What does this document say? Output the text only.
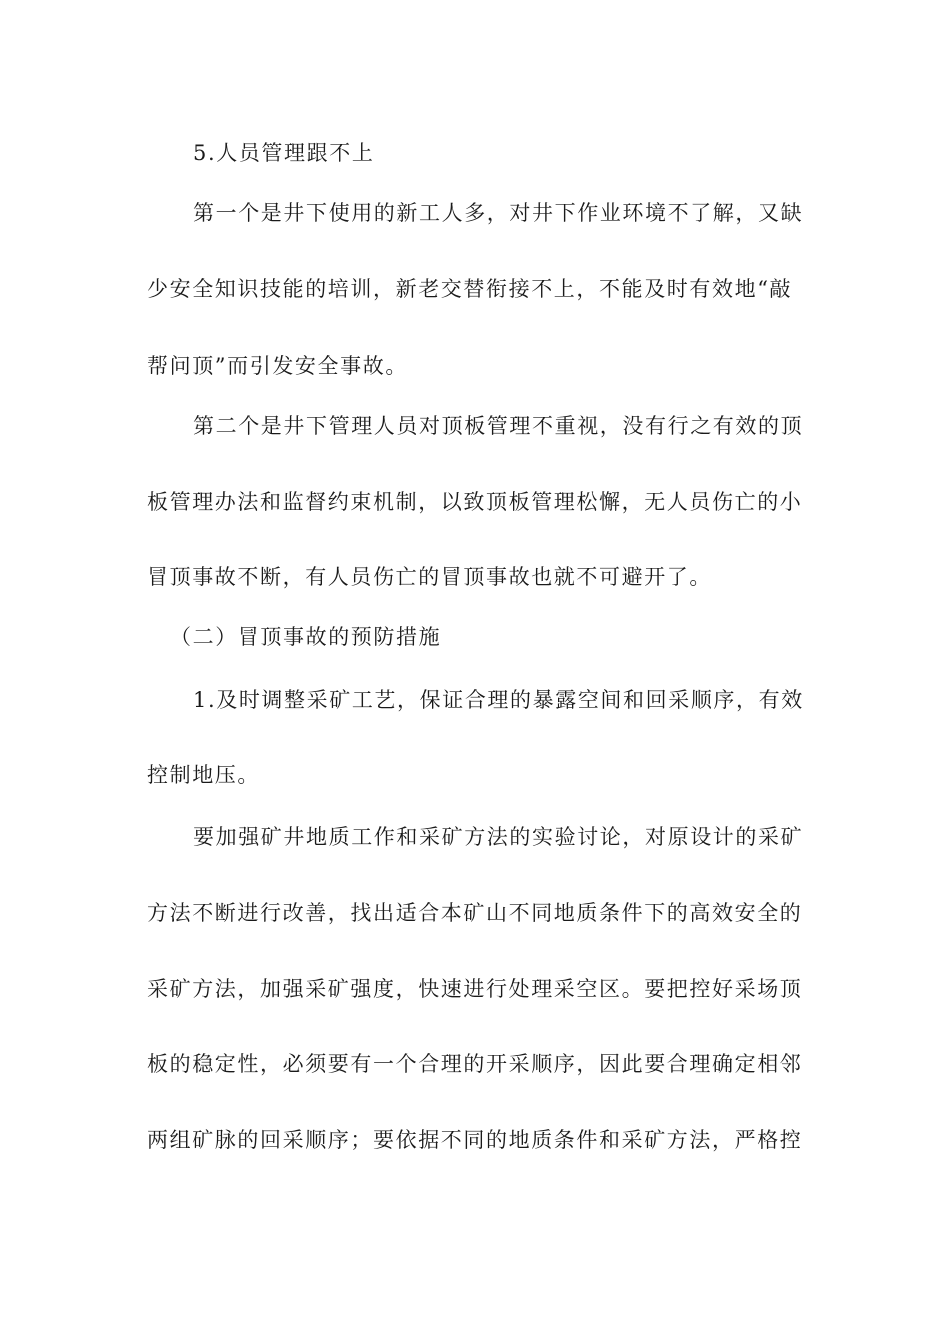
5.人员管理跟不上
第一个是井下使用的新工人多，对井下作业环境不了解，又缺
少安全知识技能的培训，新老交替衔接不上，不能及时有效地“敲
帮问顶”而引发安全事故。
第二个是井下管理人员对顶板管理不重视，没有行之有效的顶
板管理办法和监督约束机制，以致顶板管理松懈，无人员伤亡的小
冒顶事故不断，有人员伤亡的冒顶事故也就不可避开了。
（二）冒顶事故的预防措施
1.及时调整采矿工艺，保证合理的暴露空间和回采顺序，有效
控制地压。
要加强矿井地质工作和采矿方法的实验讨论，对原设计的采矿
方法不断进行改善，找出适合本矿山不同地质条件下的高效安全的
采矿方法，加强采矿强度，快速进行处理采空区。要把控好采场顶
板的稳定性，必须要有一个合理的开采顺序，因此要合理确定相邻
两组矿脉的回采顺序；要依据不同的地质条件和采矿方法，严格控
